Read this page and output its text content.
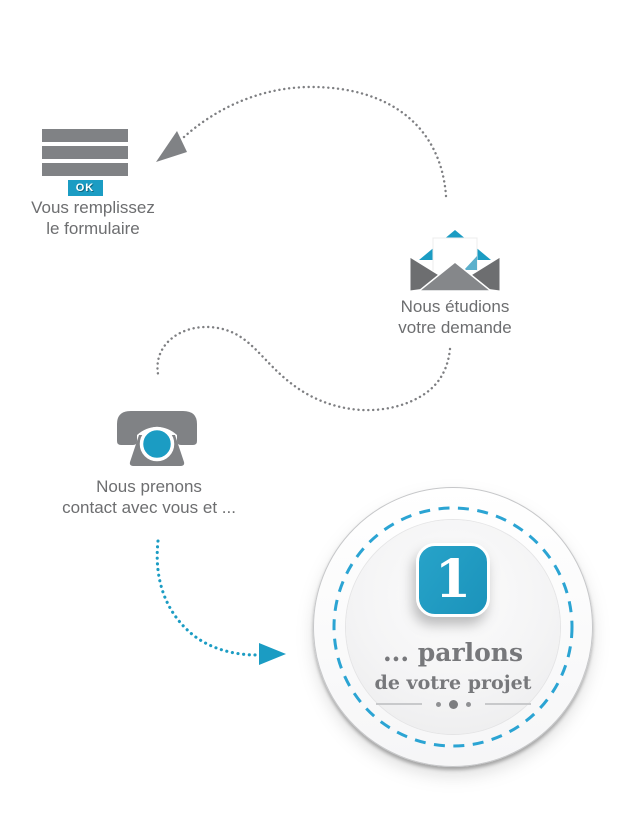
OK
Vous remplissez
le formulaire
Nous étudions
votre demande
Nous prenons
contact avec vous et ...
1
... parlons
de votre projet
